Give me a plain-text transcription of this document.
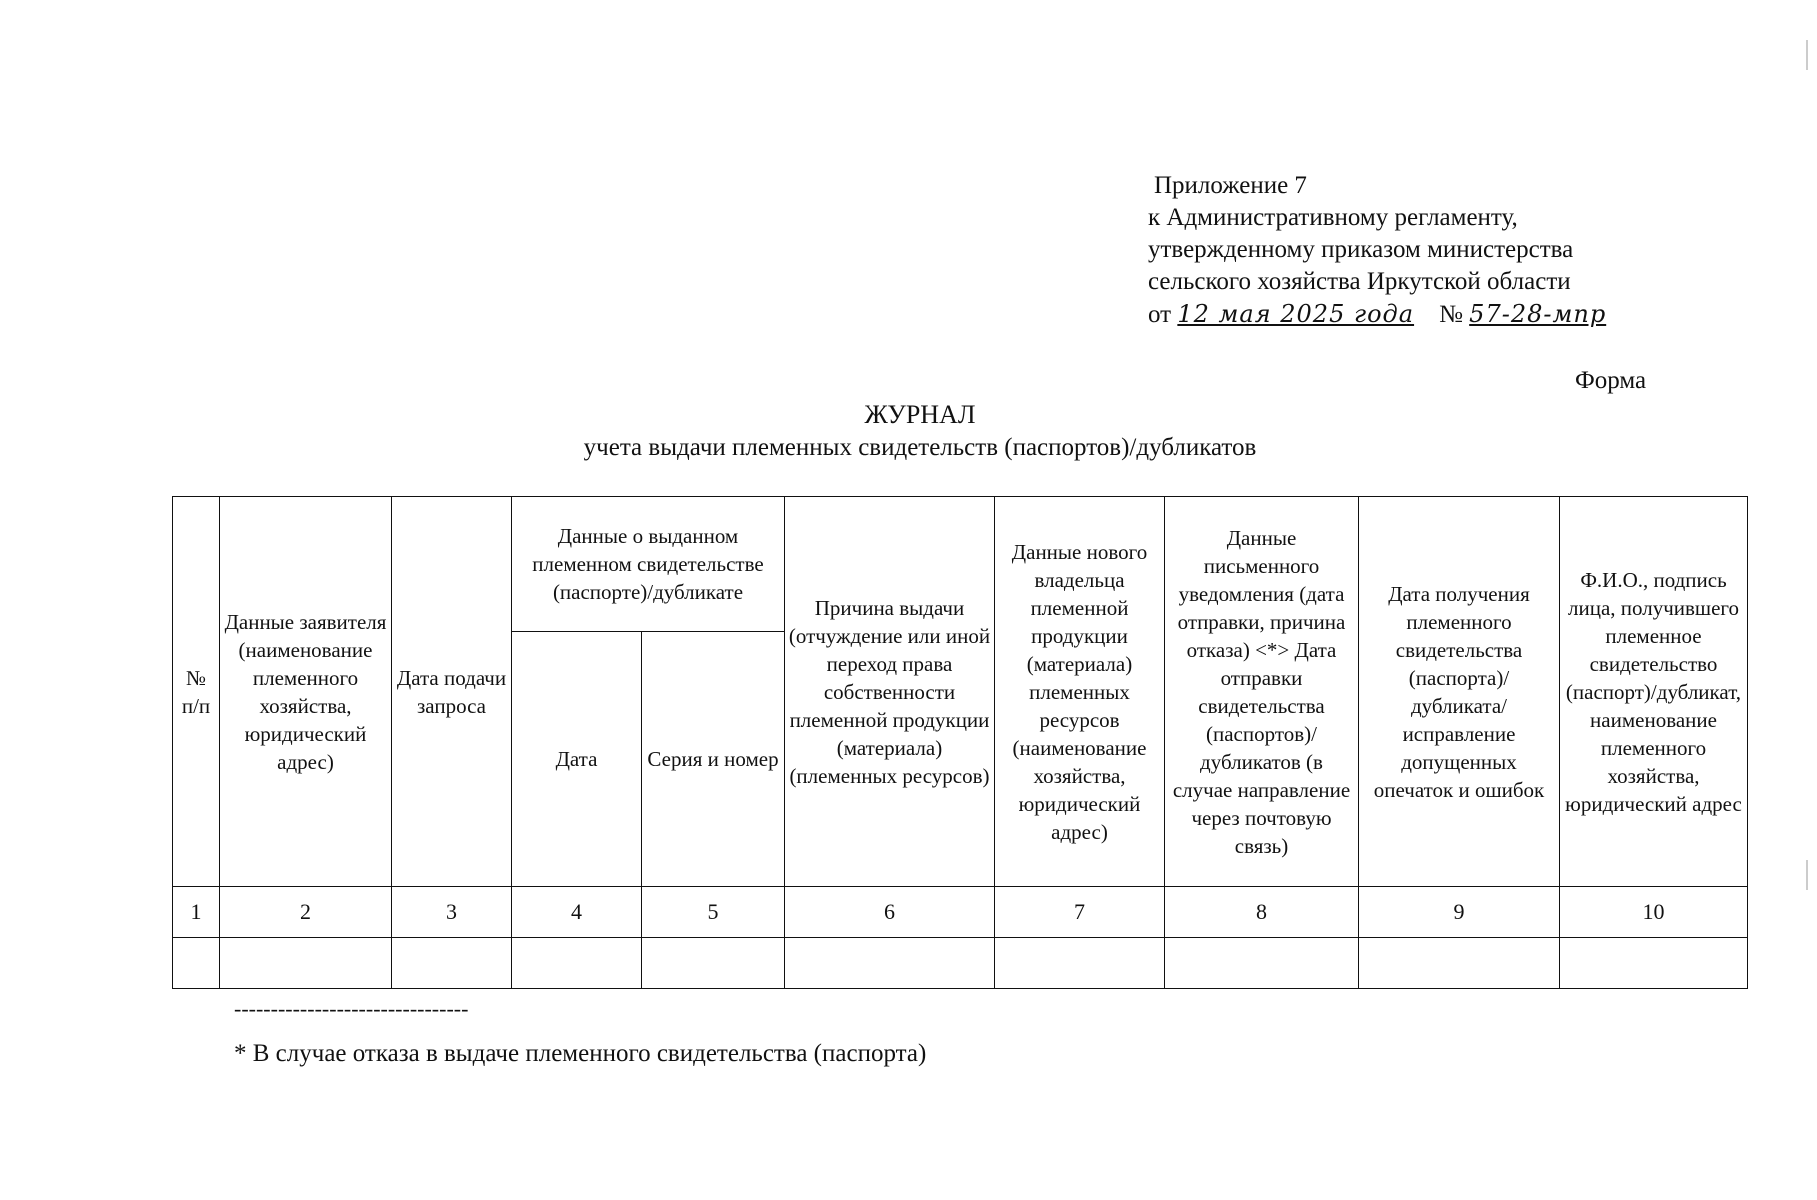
Приложение 7
к Административному регламенту,
утвержденному приказом министерства
сельского хозяйства Иркутской области
от 12 мая 2025 года № 57-28-мпр
Форма
ЖУРНАЛ
учета выдачи племенных свидетельств (паспортов)/дубликатов
№ п/п	Данные заявителя (наименование племенного хозяйства, юридический адрес)	Дата подачи запроса	Данные о выданном племенном свидетельстве (паспорте)/дубликате		Причина выдачи (отчуждение или иной переход права собственности племенной продукции (материала) (племенных ресурсов)	Данные нового владельца племенной продукции (материала) племенных ресурсов (наименование хозяйства, юридический адрес)	Данные письменного уведомления (дата отправки, причина отказа) <*> Дата отправки свидетельства (паспортов)/дубликатов (в случае направление через почтовую связь)	Дата получения племенного свидетельства (паспорта)/дубликата/исправление допущенных опечаток и ошибок	Ф.И.О., подпись лица, получившего племенное свидетельство (паспорт)/дубликат, наименование племенного хозяйства, юридический адрес
			Дата	Серия и номер					
1	2	3	4	5	6	7	8	9	10

--------------------------------
* В случае отказа в выдаче племенного свидетельства (паспорта)
